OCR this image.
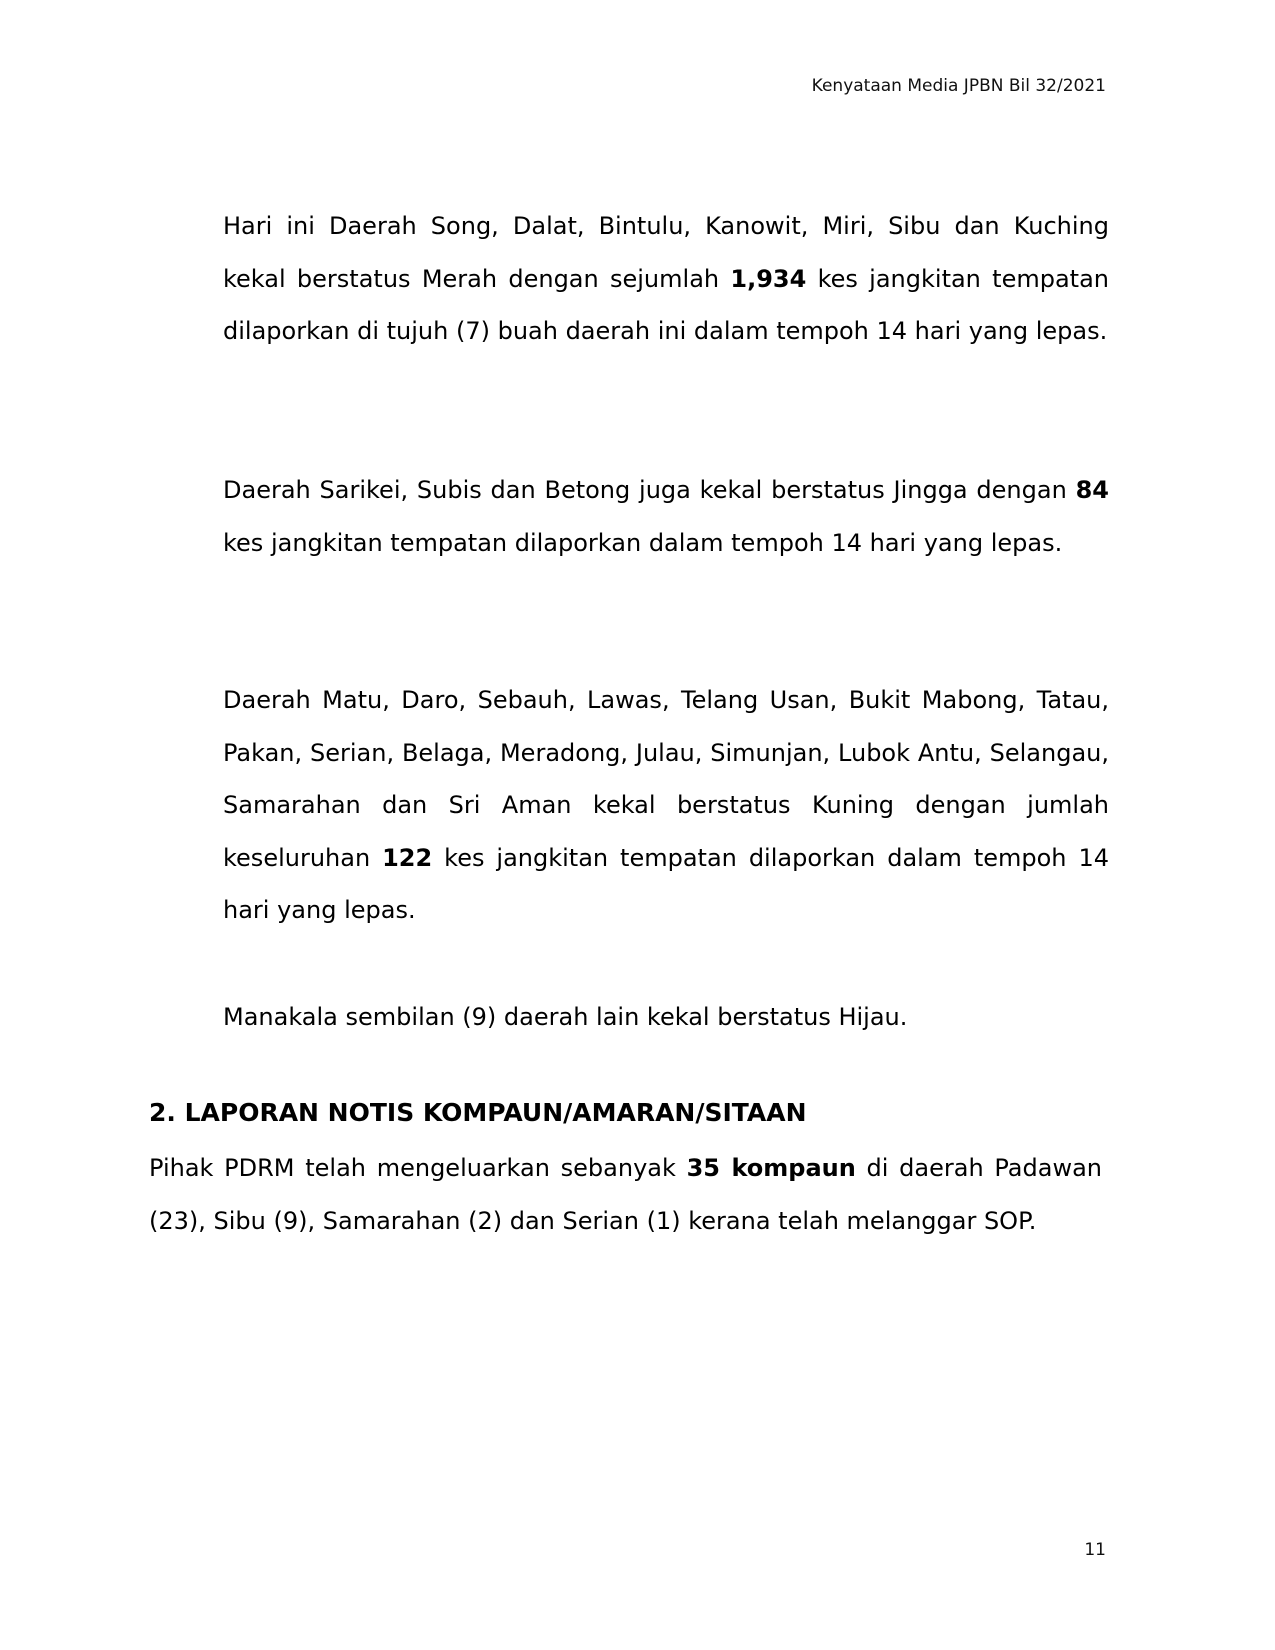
Kenyataan Media JPBN Bil 32/2021

Hari ini Daerah Song, Dalat, Bintulu, Kanowit, Miri, Sibu dan Kuching kekal berstatus Merah dengan sejumlah 1,934 kes jangkitan tempatan dilaporkan di tujuh (7) buah daerah ini dalam tempoh 14 hari yang lepas.

Daerah Sarikei, Subis dan Betong juga kekal berstatus Jingga dengan 84 kes jangkitan tempatan dilaporkan dalam tempoh 14 hari yang lepas.

Daerah Matu, Daro, Sebauh, Lawas, Telang Usan, Bukit Mabong, Tatau, Pakan, Serian, Belaga, Meradong, Julau, Simunjan, Lubok Antu, Selangau, Samarahan dan Sri Aman kekal berstatus Kuning dengan jumlah keseluruhan 122 kes jangkitan tempatan dilaporkan dalam tempoh 14 hari yang lepas.

Manakala sembilan (9) daerah lain kekal berstatus Hijau.

2. LAPORAN NOTIS KOMPAUN/AMARAN/SITAAN

Pihak PDRM telah mengeluarkan sebanyak 35 kompaun di daerah Padawan (23), Sibu (9), Samarahan (2) dan Serian (1) kerana telah melanggar SOP.

11
